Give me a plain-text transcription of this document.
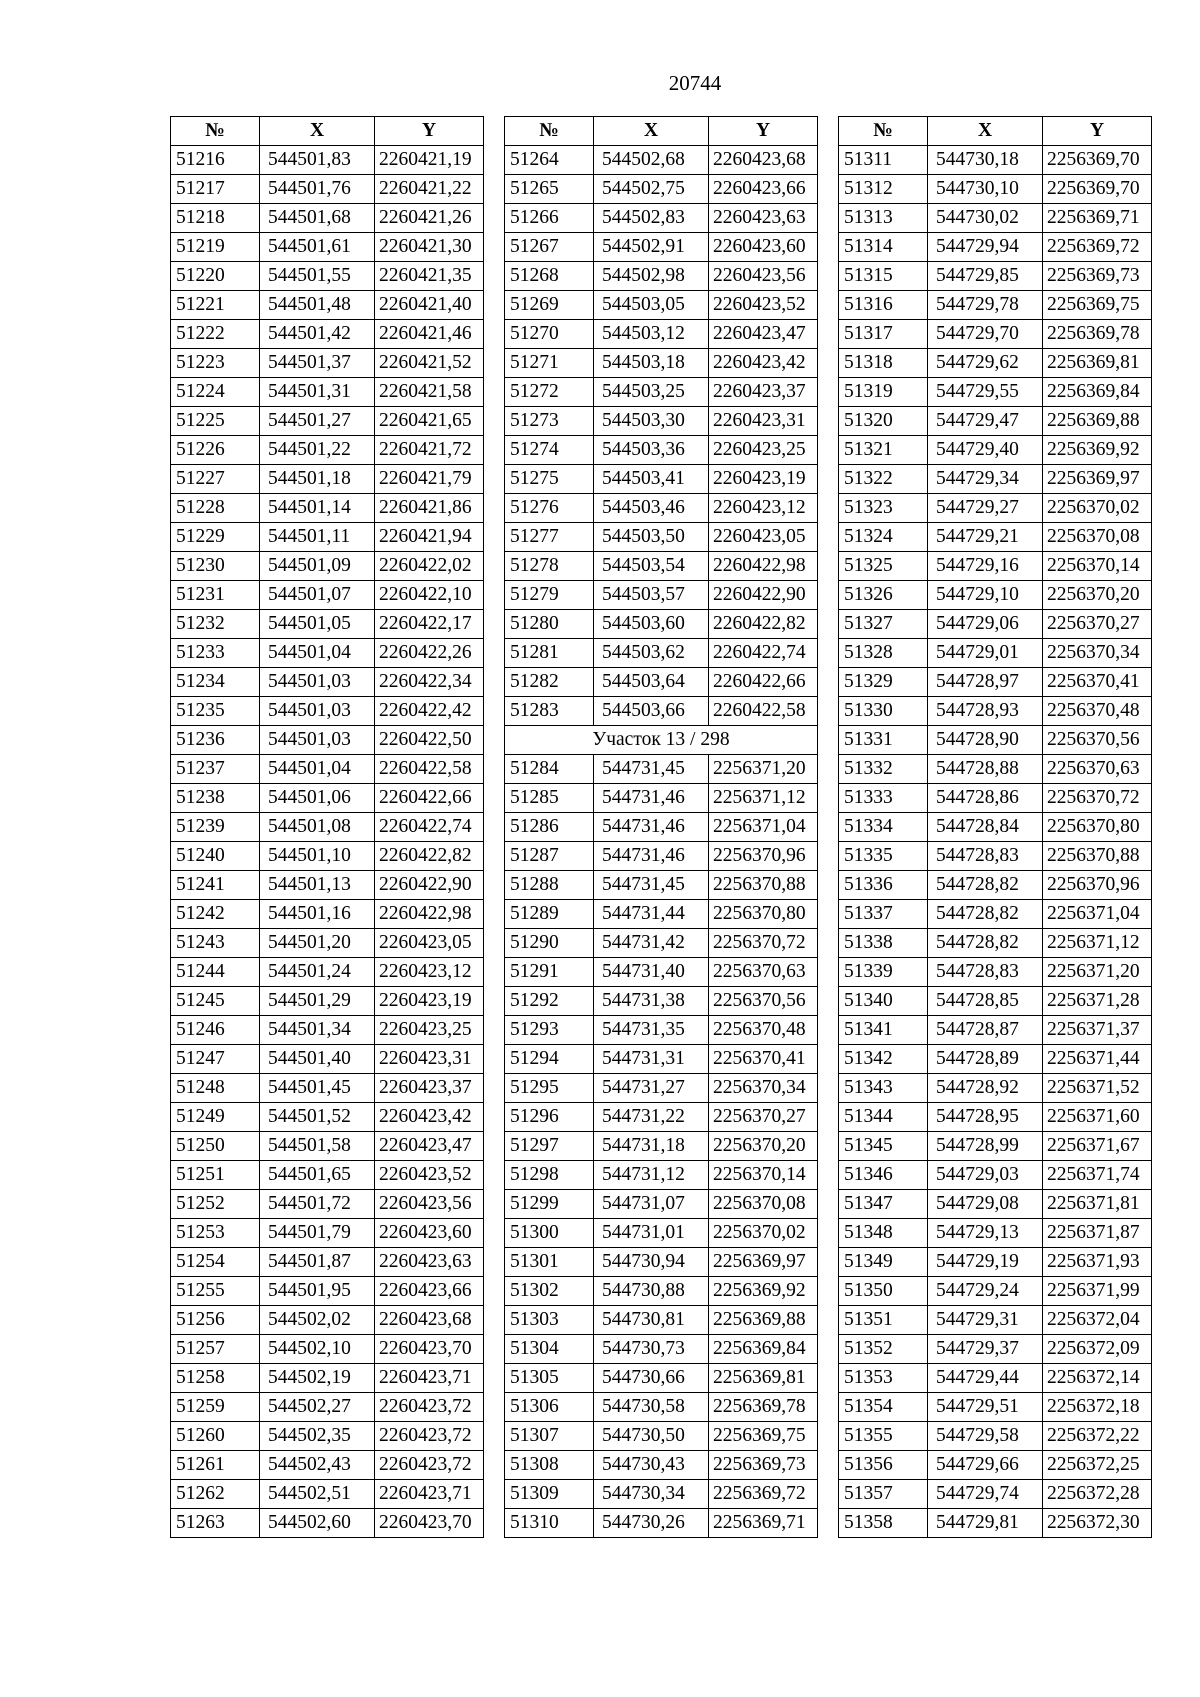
20744
№	X	Y
51216	544501,83	2260421,19
51217	544501,76	2260421,22
51218	544501,68	2260421,26
51219	544501,61	2260421,30
51220	544501,55	2260421,35
51221	544501,48	2260421,40
51222	544501,42	2260421,46
51223	544501,37	2260421,52
51224	544501,31	2260421,58
51225	544501,27	2260421,65
51226	544501,22	2260421,72
51227	544501,18	2260421,79
51228	544501,14	2260421,86
51229	544501,11	2260421,94
51230	544501,09	2260422,02
51231	544501,07	2260422,10
51232	544501,05	2260422,17
51233	544501,04	2260422,26
51234	544501,03	2260422,34
51235	544501,03	2260422,42
51236	544501,03	2260422,50
51237	544501,04	2260422,58
51238	544501,06	2260422,66
51239	544501,08	2260422,74
51240	544501,10	2260422,82
51241	544501,13	2260422,90
51242	544501,16	2260422,98
51243	544501,20	2260423,05
51244	544501,24	2260423,12
51245	544501,29	2260423,19
51246	544501,34	2260423,25
51247	544501,40	2260423,31
51248	544501,45	2260423,37
51249	544501,52	2260423,42
51250	544501,58	2260423,47
51251	544501,65	2260423,52
51252	544501,72	2260423,56
51253	544501,79	2260423,60
51254	544501,87	2260423,63
51255	544501,95	2260423,66
51256	544502,02	2260423,68
51257	544502,10	2260423,70
51258	544502,19	2260423,71
51259	544502,27	2260423,72
51260	544502,35	2260423,72
51261	544502,43	2260423,72
51262	544502,51	2260423,71
51263	544502,60	2260423,70
№	X	Y
51264	544502,68	2260423,68
51265	544502,75	2260423,66
51266	544502,83	2260423,63
51267	544502,91	2260423,60
51268	544502,98	2260423,56
51269	544503,05	2260423,52
51270	544503,12	2260423,47
51271	544503,18	2260423,42
51272	544503,25	2260423,37
51273	544503,30	2260423,31
51274	544503,36	2260423,25
51275	544503,41	2260423,19
51276	544503,46	2260423,12
51277	544503,50	2260423,05
51278	544503,54	2260422,98
51279	544503,57	2260422,90
51280	544503,60	2260422,82
51281	544503,62	2260422,74
51282	544503,64	2260422,66
51283	544503,66	2260422,58
Участок 13 / 298		
51284	544731,45	2256371,20
51285	544731,46	2256371,12
51286	544731,46	2256371,04
51287	544731,46	2256370,96
51288	544731,45	2256370,88
51289	544731,44	2256370,80
51290	544731,42	2256370,72
51291	544731,40	2256370,63
51292	544731,38	2256370,56
51293	544731,35	2256370,48
51294	544731,31	2256370,41
51295	544731,27	2256370,34
51296	544731,22	2256370,27
51297	544731,18	2256370,20
51298	544731,12	2256370,14
51299	544731,07	2256370,08
51300	544731,01	2256370,02
51301	544730,94	2256369,97
51302	544730,88	2256369,92
51303	544730,81	2256369,88
51304	544730,73	2256369,84
51305	544730,66	2256369,81
51306	544730,58	2256369,78
51307	544730,50	2256369,75
51308	544730,43	2256369,73
51309	544730,34	2256369,72
51310	544730,26	2256369,71
№	X	Y
51311	544730,18	2256369,70
51312	544730,10	2256369,70
51313	544730,02	2256369,71
51314	544729,94	2256369,72
51315	544729,85	2256369,73
51316	544729,78	2256369,75
51317	544729,70	2256369,78
51318	544729,62	2256369,81
51319	544729,55	2256369,84
51320	544729,47	2256369,88
51321	544729,40	2256369,92
51322	544729,34	2256369,97
51323	544729,27	2256370,02
51324	544729,21	2256370,08
51325	544729,16	2256370,14
51326	544729,10	2256370,20
51327	544729,06	2256370,27
51328	544729,01	2256370,34
51329	544728,97	2256370,41
51330	544728,93	2256370,48
51331	544728,90	2256370,56
51332	544728,88	2256370,63
51333	544728,86	2256370,72
51334	544728,84	2256370,80
51335	544728,83	2256370,88
51336	544728,82	2256370,96
51337	544728,82	2256371,04
51338	544728,82	2256371,12
51339	544728,83	2256371,20
51340	544728,85	2256371,28
51341	544728,87	2256371,37
51342	544728,89	2256371,44
51343	544728,92	2256371,52
51344	544728,95	2256371,60
51345	544728,99	2256371,67
51346	544729,03	2256371,74
51347	544729,08	2256371,81
51348	544729,13	2256371,87
51349	544729,19	2256371,93
51350	544729,24	2256371,99
51351	544729,31	2256372,04
51352	544729,37	2256372,09
51353	544729,44	2256372,14
51354	544729,51	2256372,18
51355	544729,58	2256372,22
51356	544729,66	2256372,25
51357	544729,74	2256372,28
51358	544729,81	2256372,30
